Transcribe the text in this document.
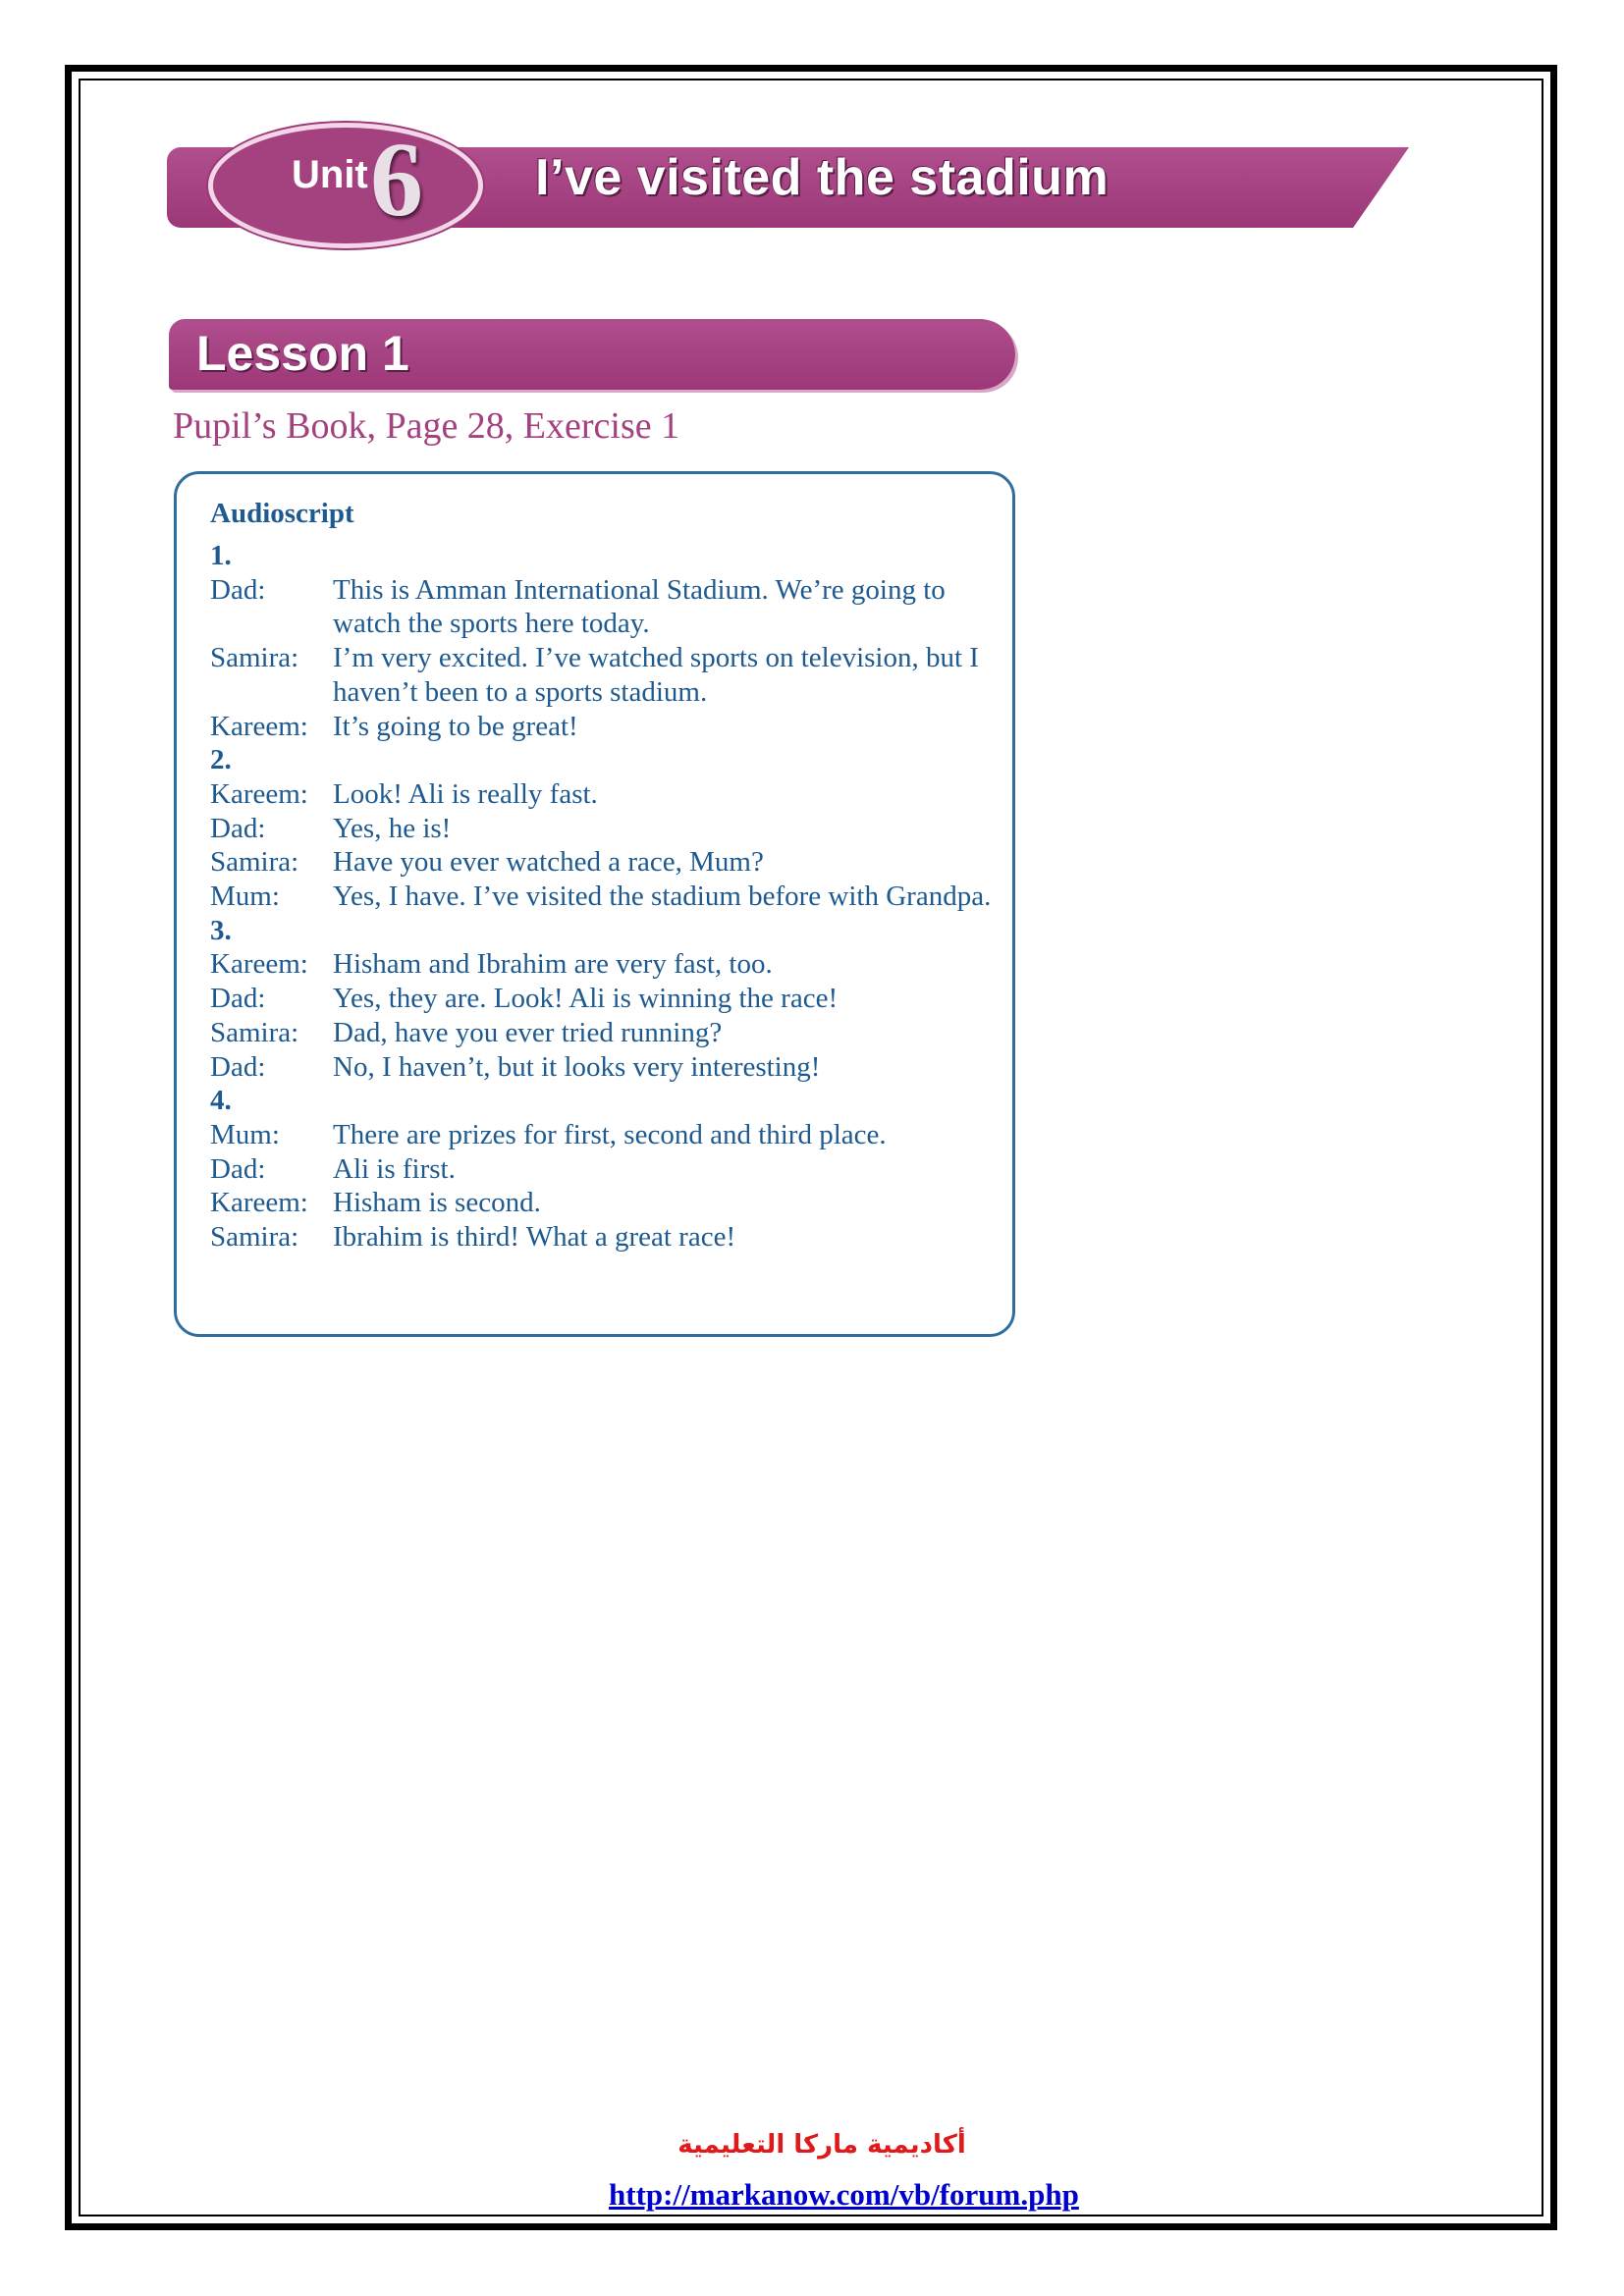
Unit 6 I’ve visited the stadium
Lesson 1
Pupil’s Book, Page 28, Exercise 1
Audioscript
1.
Dad:	This is Amman International Stadium. We’re going to watch the sports here today.
Samira:	I’m very excited. I’ve watched sports on television, but I haven’t been to a sports stadium.
Kareem: It’s going to be great!
2.
Kareem: Look! Ali is really fast.
Dad:	Yes, he is!
Samira:	Have you ever watched a race, Mum?
Mum:	Yes, I have. I’ve visited the stadium before with Grandpa.
3.
Kareem: Hisham and Ibrahim are very fast, too.
Dad:	Yes, they are. Look! Ali is winning the race!
Samira:	Dad, have you ever tried running?
Dad:	No, I haven’t, but it looks very interesting!
4.
Mum:	There are prizes for first, second and third place.
Dad:	Ali is first.
Kareem: Hisham is second.
Samira:	Ibrahim is third! What a great race!
أكاديمية ماركا التعليمية
http://markanow.com/vb/forum.php
